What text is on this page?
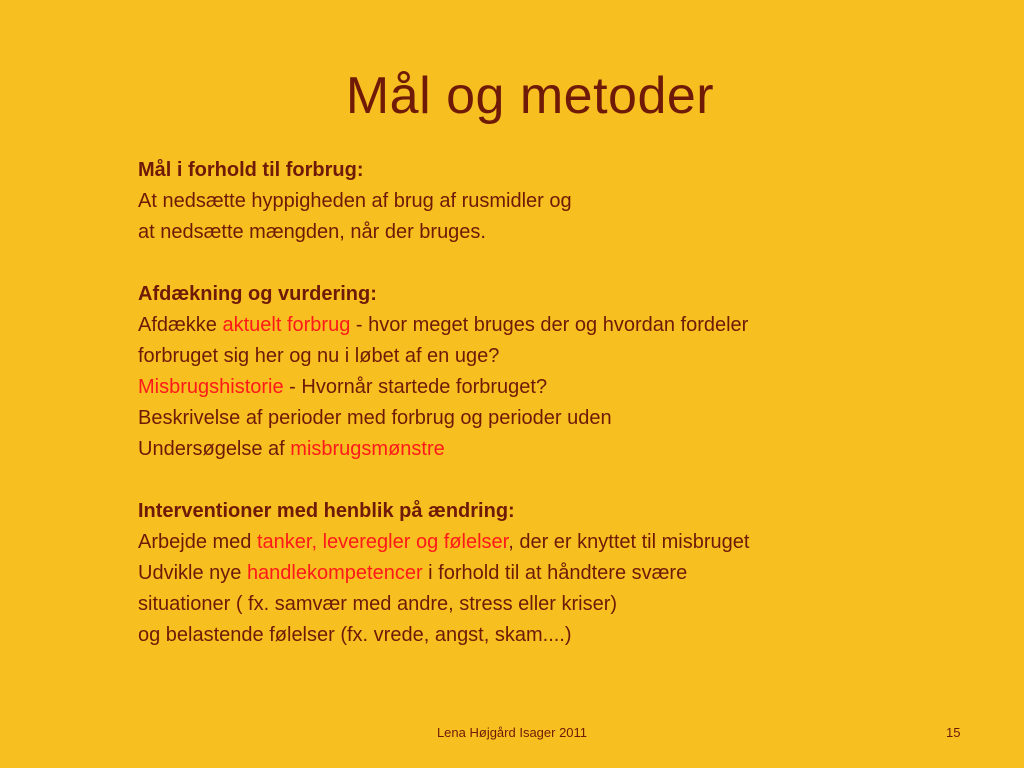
Mål og metoder
Mål i forhold til forbrug:
At nedsætte hyppigheden af brug af rusmidler og
at nedsætte mængden, når der bruges.
Afdækning og vurdering:
Afdække aktuelt forbrug - hvor meget bruges der og hvordan fordeler
forbruget sig her og nu i løbet af en uge?
Misbrugshistorie - Hvornår startede forbruget?
Beskrivelse af perioder med forbrug og perioder uden
Undersøgelse af misbrugsmønstre
Interventioner med henblik på ændring:
Arbejde med tanker, leveregler og følelser, der er knyttet til misbruget
Udvikle nye handlekompetencer i forhold til at håndtere svære
situationer ( fx. samvær med andre, stress eller kriser)
og belastende følelser (fx. vrede, angst, skam....)
Lena Højgård Isager 2011	15
